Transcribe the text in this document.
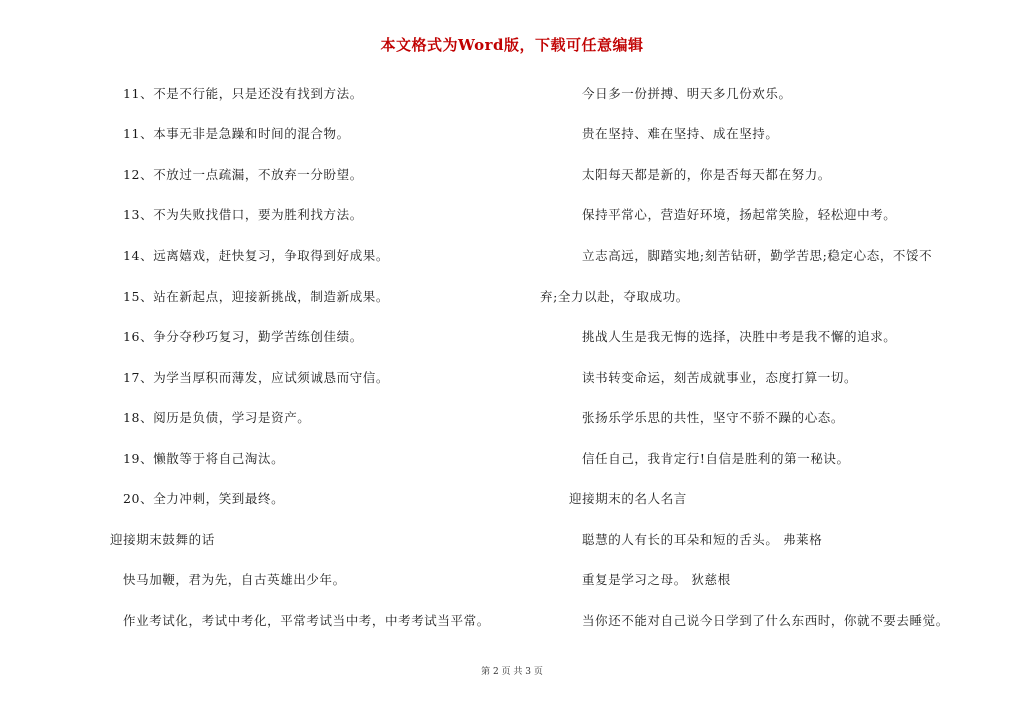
本文格式为Word版，下载可任意编辑
11、不是不行能，只是还没有找到方法。
11、本事无非是急躁和时间的混合物。
12、不放过一点疏漏，不放弃一分盼望。
13、不为失败找借口，要为胜利找方法。
14、远离嬉戏，赶快复习，争取得到好成果。
15、站在新起点，迎接新挑战，制造新成果。
16、争分夺秒巧复习，勤学苦练创佳绩。
17、为学当厚积而薄发，应试须诚恳而守信。
18、阅历是负债，学习是资产。
19、懒散等于将自己淘汰。
20、全力冲刺，笑到最终。
迎接期末鼓舞的话
快马加鞭，君为先，自古英雄出少年。
作业考试化，考试中考化，平常考试当中考，中考考试当平常。
今日多一份拼搏、明天多几份欢乐。
贵在坚持、难在坚持、成在坚持。
太阳每天都是新的，你是否每天都在努力。
保持平常心，营造好环境，扬起常笑脸，轻松迎中考。
立志高远，脚踏实地;刻苦钻研，勤学苦思;稳定心态，不馁不
弃;全力以赴，夺取成功。
挑战人生是我无悔的选择，决胜中考是我不懈的追求。
读书转变命运，刻苦成就事业，态度打算一切。
张扬乐学乐思的共性，坚守不骄不躁的心态。
信任自己，我肯定行!自信是胜利的第一秘诀。
迎接期末的名人名言
聪慧的人有长的耳朵和短的舌头。 弗莱格
重复是学习之母。 狄慈根
当你还不能对自己说今日学到了什么东西时，你就不要去睡觉。
第 2 页 共 3 页
